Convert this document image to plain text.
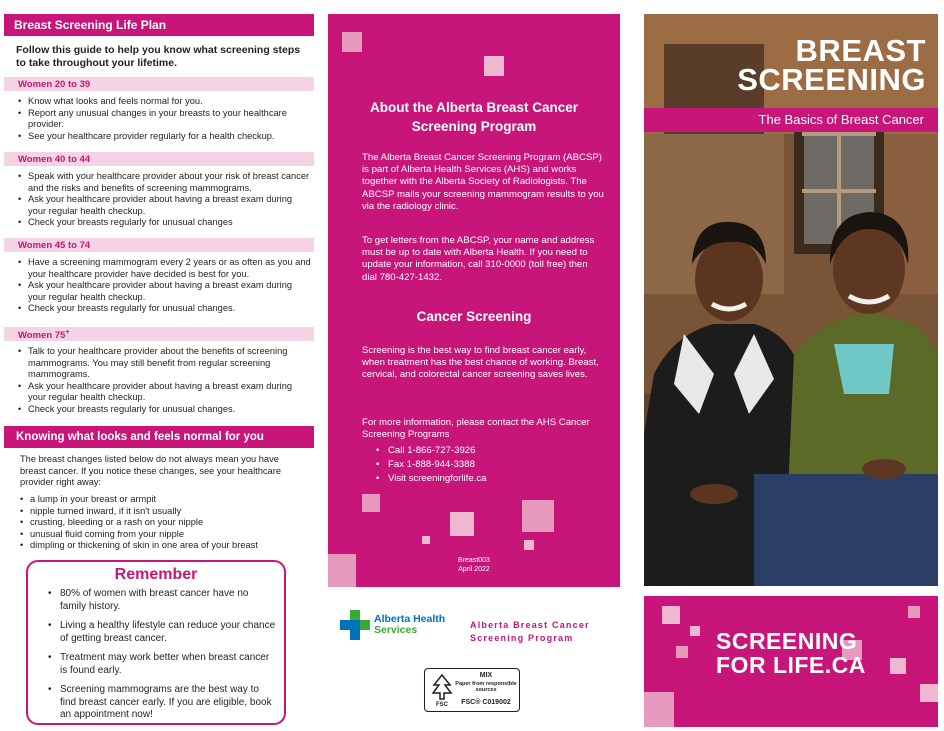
Breast Screening Life Plan
Follow this guide to help you know what screening steps to take throughout your lifetime.
Women 20 to 39
• Know what looks and feels normal for you.
• Report any unusual changes in your breasts to your healthcare provider.
• See your healthcare provider regularly for a health checkup.
Women 40 to 44
• Speak with your healthcare provider about your risk of breast cancer and the risks and benefits of screening mammograms.
• Ask your healthcare provider about having a breast exam during your regular health checkup.
• Check your breasts regularly for unusual changes
Women 45 to 74
• Have a screening mammogram every 2 years or as often as you and your healthcare provider have decided is best for you.
• Ask your healthcare provider about having a breast exam during your regular health checkup.
• Check your breasts regularly for unusual changes.
Women 75+
• Talk to your healthcare provider about the benefits of screening mammograms. You may still benefit from regular screening mammograms.
• Ask your healthcare provider about having a breast exam during your regular health checkup.
• Check your breasts regularly for unusual changes.
Knowing what looks and feels normal for you
The breast changes listed below do not always mean you have breast cancer. If you notice these changes, see your healthcare provider right away:
• a lump in your breast or armpit
• nipple turned inward, if it isn't usually
• crusting, bleeding or a rash on your nipple
• unusual fluid coming from your nipple
• dimpling or thickening of skin in one area of your breast
Remember
• 80% of women with breast cancer have no family history.
• Living a healthy lifestyle can reduce your chance of getting breast cancer.
• Treatment may work better when breast cancer is found early.
• Screening mammograms are the best way to find breast cancer early. If you are eligible, book an appointment now!
About the Alberta Breast Cancer Screening Program

The Alberta Breast Cancer Screening Program (ABCSP) is part of Alberta Health Services (AHS) and works together with the Alberta Society of Radiologists. The ABCSP mails your screening mammogram results to you via the radiology clinic.

To get letters from the ABCSP, your name and address must be up to date with Alberta Health. If you need to update your information, call 310-0000 (toll free) then dial 780-427-1432.

Cancer Screening

Screening is the best way to find breast cancer early, when treatment has the best chance of working. Breast, cervical, and colorectal cancer screening saves lives.

For more information, please contact the AHS Cancer Screening Programs

• Call 1-866-727-3926
• Fax 1-888-944-3388
• Visit screeningforlife.ca
Breast003
April 2022
Alberta Health
Services	Alberta Breast Cancer
Screening Program
FSC
MIX
Paper from responsible sources
FSC® C019002
BREAST
SCREENING
The Basics of Breast Cancer
SCREENING
FOR LIFE.CA
